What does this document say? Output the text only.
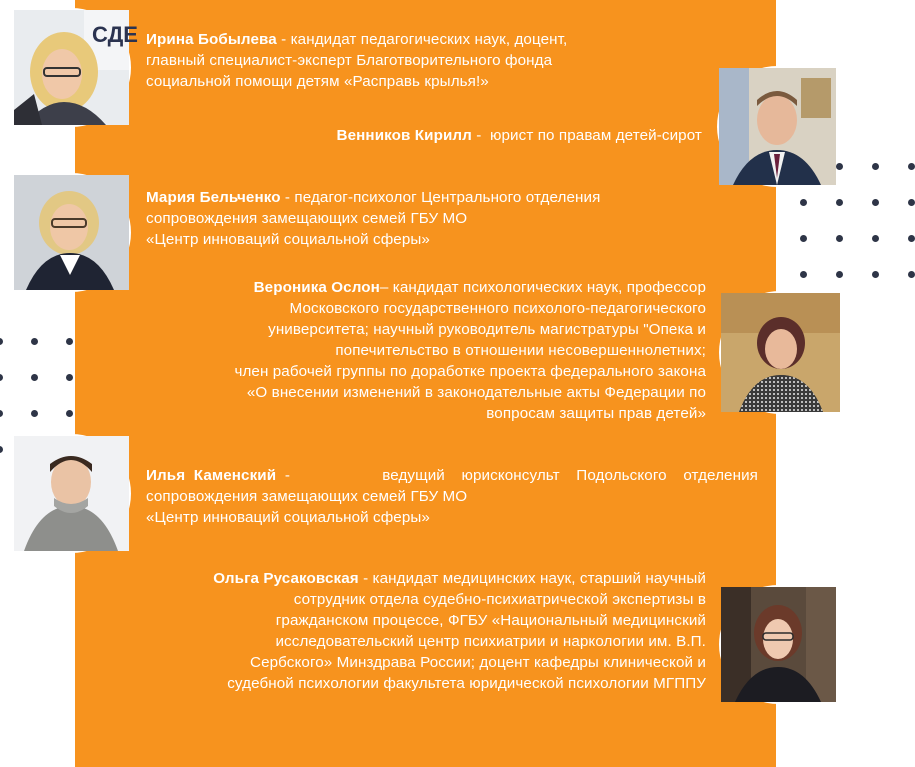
СДЕ Ирина Бобылева - кандидат педагогических наук, доцент,
главный специалист-эксперт Благотворительного фонда
социальной помощи детям «Расправь крылья!»
Венников Кирилл -  юрист по правам детей-сирот
Мария Бельченко - педагог-психолог Центрального отделения
сопровождения замещающих семей ГБУ МО
«Центр инноваций социальной сферы»
Вероника Ослон– кандидат психологических наук, профессор
Московского государственного психолого-педагогического
университета; научный руководитель магистратуры "Опека и
попечительство в отношении несовершеннолетних;
член рабочей группы по доработке проекта федерального закона
«О внесении изменений в законодательные акты Федерации по
вопросам защиты прав детей»
Илья  Каменский  -	ведущий  юрисконсульт  Подольского  отделения
сопровождения замещающих семей ГБУ МО
«Центр инноваций социальной сферы»
Ольга Русаковская - кандидат медицинских наук, старший научный
сотрудник отдела судебно-психиатрической экспертизы в
гражданском процессе, ФГБУ «Национальный медицинский
исследовательский центр психиатрии и наркологии им. В.П.
Сербского» Минздрава России; доцент кафедры клинической и
судебной психологии факультета юридической психологии МГППУ
